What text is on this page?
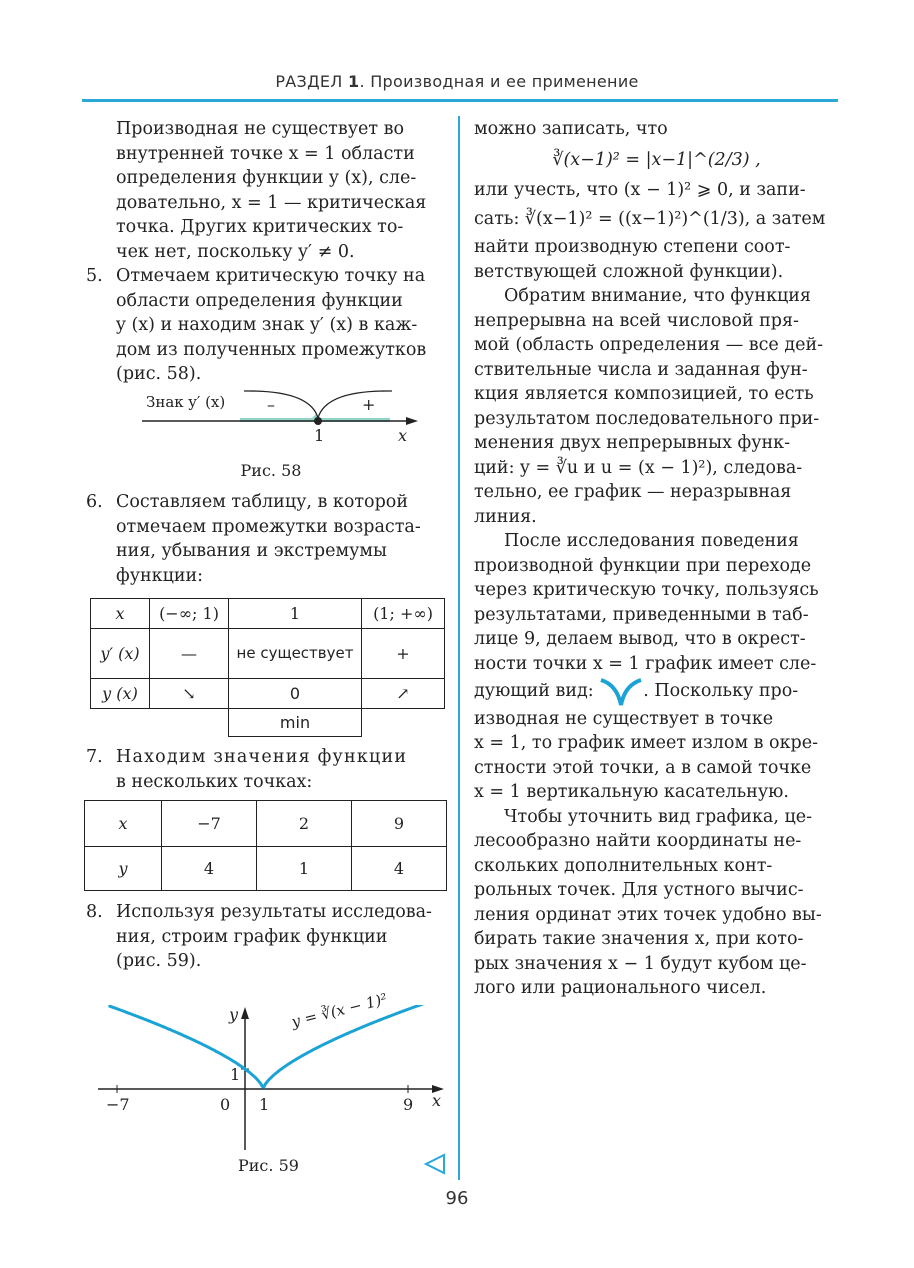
РАЗДЕЛ 1. Производная и ее применение

Производная не существует во

внутренней точке x = 1 области

определения функции y (x), сле-

довательно, x = 1 — критическая

точка. Других критических то-

чек нет, поскольку y′ ≠ 0.

5. Отмечаем критическую точку на

области определения функции

y (x) и находим знак y′ (x) в каж-

дом из полученных промежутков

(рис. 58).

Знак y′ (x)	–	+
1	x
Рис. 58
6. Составляем таблицу, в которой

отмечаем промежутки возраста-

ния, убывания и экстремумы

функции:

x	(−∞; 1)	1	(1; +∞)
y′ (x)	—	не существует	+
y (x)	↘	0	↗
		min	
7. Находим значения функции

в нескольких точках:

x	−7	2	9
y	4	1	4
8. Используя результаты исследова-

ния, строим график функции

(рис. 59).

y
x
y = ∛(x − 1)²
−7	0 1	9
1
Рис. 59

можно записать, что

∛(x−1)² = |x−1|^(2/3) ,

или учесть, что (x − 1)² ⩾ 0, и запи-

сать: ∛(x−1)² = ((x−1)²)^(1/3), а затем

найти производную степени соот-

ветствующей сложной функции).

Обратим внимание, что функция

непрерывна на всей числовой пря-

мой (область определения — все дей-

ствительные числа и заданная фун-

кция является композицией, то есть

результатом последовательного при-

менения двух непрерывных функ-

ций: y = ∛u и u = (x − 1)²), следова-

тельно, ее график — неразрывная

линия.

После исследования поведения

производной функции при переходе

через критическую точку, пользуясь

результатами, приведенными в таб-

лице 9, делаем вывод, что в окрест-

ности точки x = 1 график имеет сле-

дующий вид:	. Поскольку про-

изводная не существует в точке

x = 1, то график имеет излом в окре-

стности этой точки, а в самой точке

x = 1 вертикальную касательную.

Чтобы уточнить вид графика, це-

лесообразно найти координаты не-

скольких дополнительных конт-

рольных точек. Для устного вычис-

ления ординат этих точек удобно вы-

бирать такие значения x, при кото-

рых значения x − 1 будут кубом це-

лого или рационального чисел.

96
